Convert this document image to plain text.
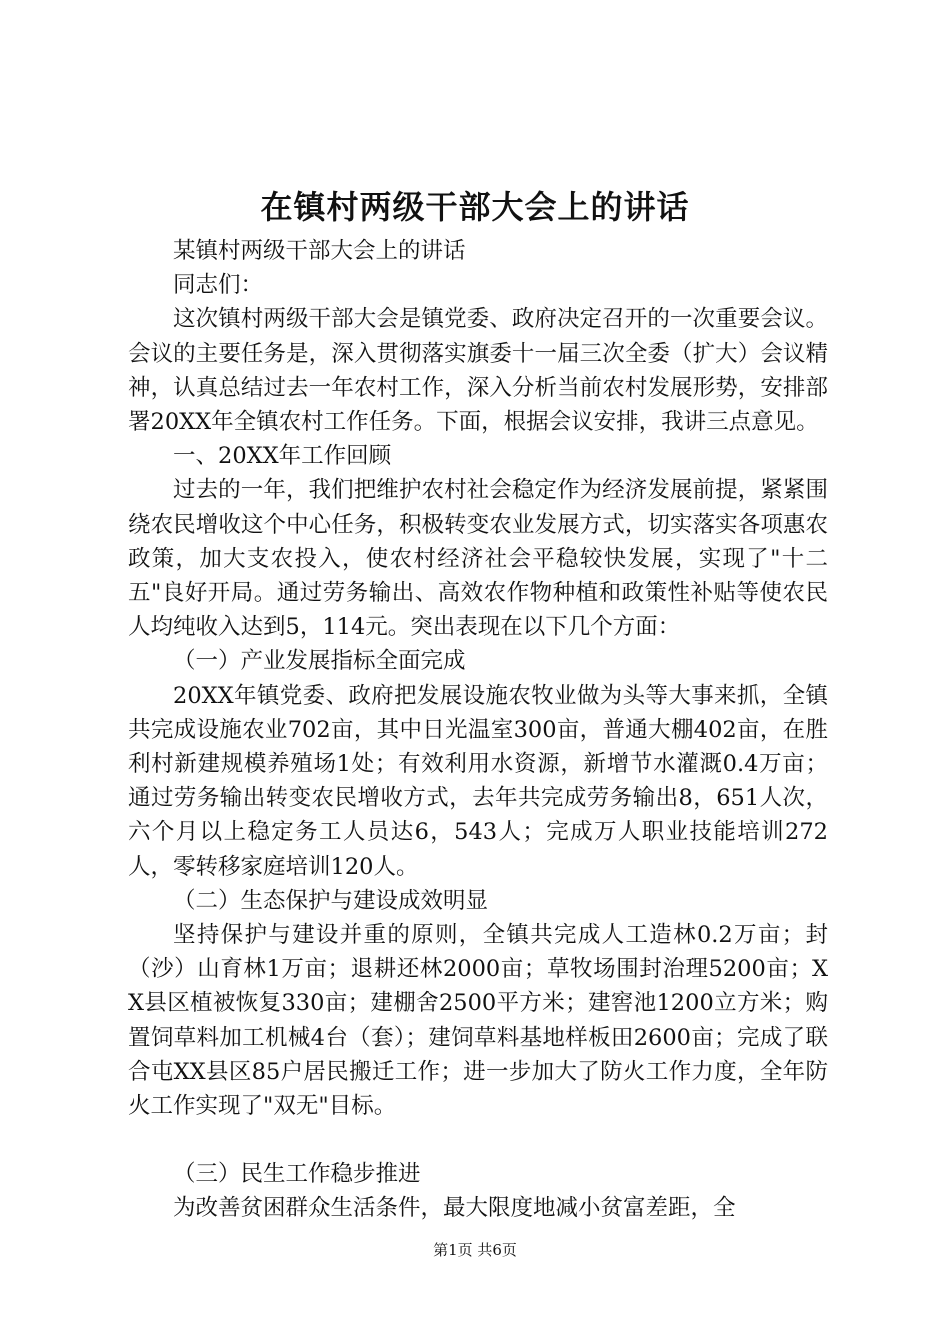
在镇村两级干部大会上的讲话

某镇村两级干部大会上的讲话

同志们：

这次镇村两级干部大会是镇党委、政府决定召开的一次重要会议。会议的主要任务是，深入贯彻落实旗委十一届三次全委（扩大）会议精神，认真总结过去一年农村工作，深入分析当前农村发展形势，安排部署20XX年全镇农村工作任务。下面，根据会议安排，我讲三点意见。

一、20XX年工作回顾

过去的一年，我们把维护农村社会稳定作为经济发展前提，紧紧围绕农民增收这个中心任务，积极转变农业发展方式，切实落实各项惠农政策，加大支农投入，使农村经济社会平稳较快发展，实现了"十二五"良好开局。通过劳务输出、高效农作物种植和政策性补贴等使农民人均纯收入达到5，114元。突出表现在以下几个方面：

（一）产业发展指标全面完成

20XX年镇党委、政府把发展设施农牧业做为头等大事来抓，全镇共完成设施农业702亩，其中日光温室300亩，普通大棚402亩，在胜利村新建规模养殖场1处；有效利用水资源，新增节水灌溉0.4万亩；通过劳务输出转变农民增收方式，去年共完成劳务输出8，651人次，六个月以上稳定务工人员达6，543人；完成万人职业技能培训272人，零转移家庭培训120人。

（二）生态保护与建设成效明显

坚持保护与建设并重的原则，全镇共完成人工造林0.2万亩；封（沙）山育林1万亩；退耕还林2000亩；草牧场围封治理5200亩；XX县区植被恢复330亩；建棚舍2500平方米；建窖池1200立方米；购置饲草料加工机械4台（套）；建饲草料基地样板田2600亩；完成了联合屯XX县区85户居民搬迁工作；进一步加大了防火工作力度，全年防火工作实现了"双无"目标。

（三）民生工作稳步推进

为改善贫困群众生活条件，最大限度地减小贫富差距，全

第1页 共6页
